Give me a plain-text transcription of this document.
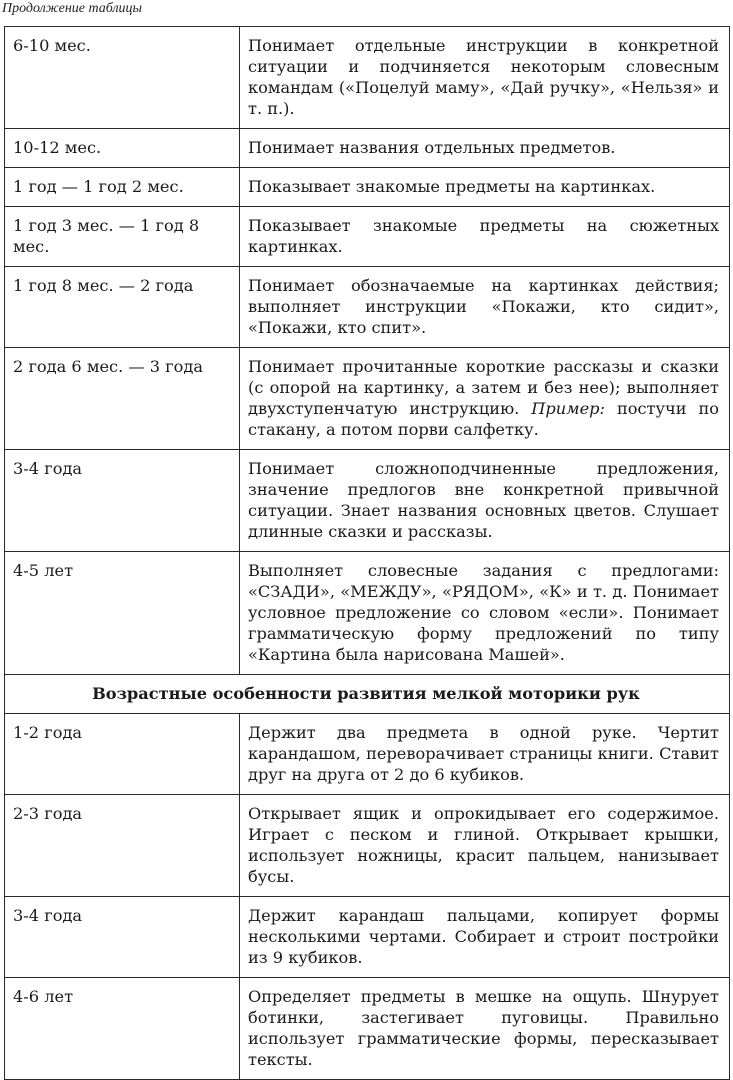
Продолжение таблицы
6-10 мес.	Понимает отдельные инструкции в конкретной ситуации и подчиняется некоторым словесным командам («Поцелуй маму», «Дай ручку», «Нельзя» и т. п.).
10-12 мес.	Понимает названия отдельных предметов.
1 год — 1 год 2 мес.	Показывает знакомые предметы на картинках.
1 год 3 мес. — 1 год 8 мес.	Показывает знакомые предметы на сюжетных картинках.
1 год 8 мес. — 2 года	Понимает обозначаемые на картинках действия; выполняет инструкции «Покажи, кто сидит», «Покажи, кто спит».
2 года 6 мес. — 3 года	Понимает прочитанные короткие рассказы и сказки (с опорой на картинку, а затем и без нее); выполняет двухступенчатую инструкцию. Пример: постучи по стакану, а потом порви салфетку.
3-4 года	Понимает сложноподчиненные предложения, значение предлогов вне конкретной привычной ситуации. Знает названия основных цветов. Слушает длинные сказки и рассказы.
4-5 лет	Выполняет словесные задания с предлогами: «СЗАДИ», «МЕЖДУ», «РЯДОМ», «К» и т. д. Понимает условное предложение со словом «если». Понимает грамматическую форму предложений по типу «Картина была нарисована Машей».
Возрастные особенности развития мелкой моторики рук	
1-2 года	Держит два предмета в одной руке. Чертит карандашом, переворачивает страницы книги. Ставит друг на друга от 2 до 6 кубиков.
2-3 года	Открывает ящик и опрокидывает его содержимое. Играет с песком и глиной. Открывает крышки, использует ножницы, красит пальцем, нанизывает бусы.
3-4 года	Держит карандаш пальцами, копирует формы несколькими чертами. Собирает и строит постройки из 9 кубиков.
4-6 лет	Определяет предметы в мешке на ощупь. Шнурует ботинки, застегивает пуговицы. Правильно использует грамматические формы, пересказывает тексты.
